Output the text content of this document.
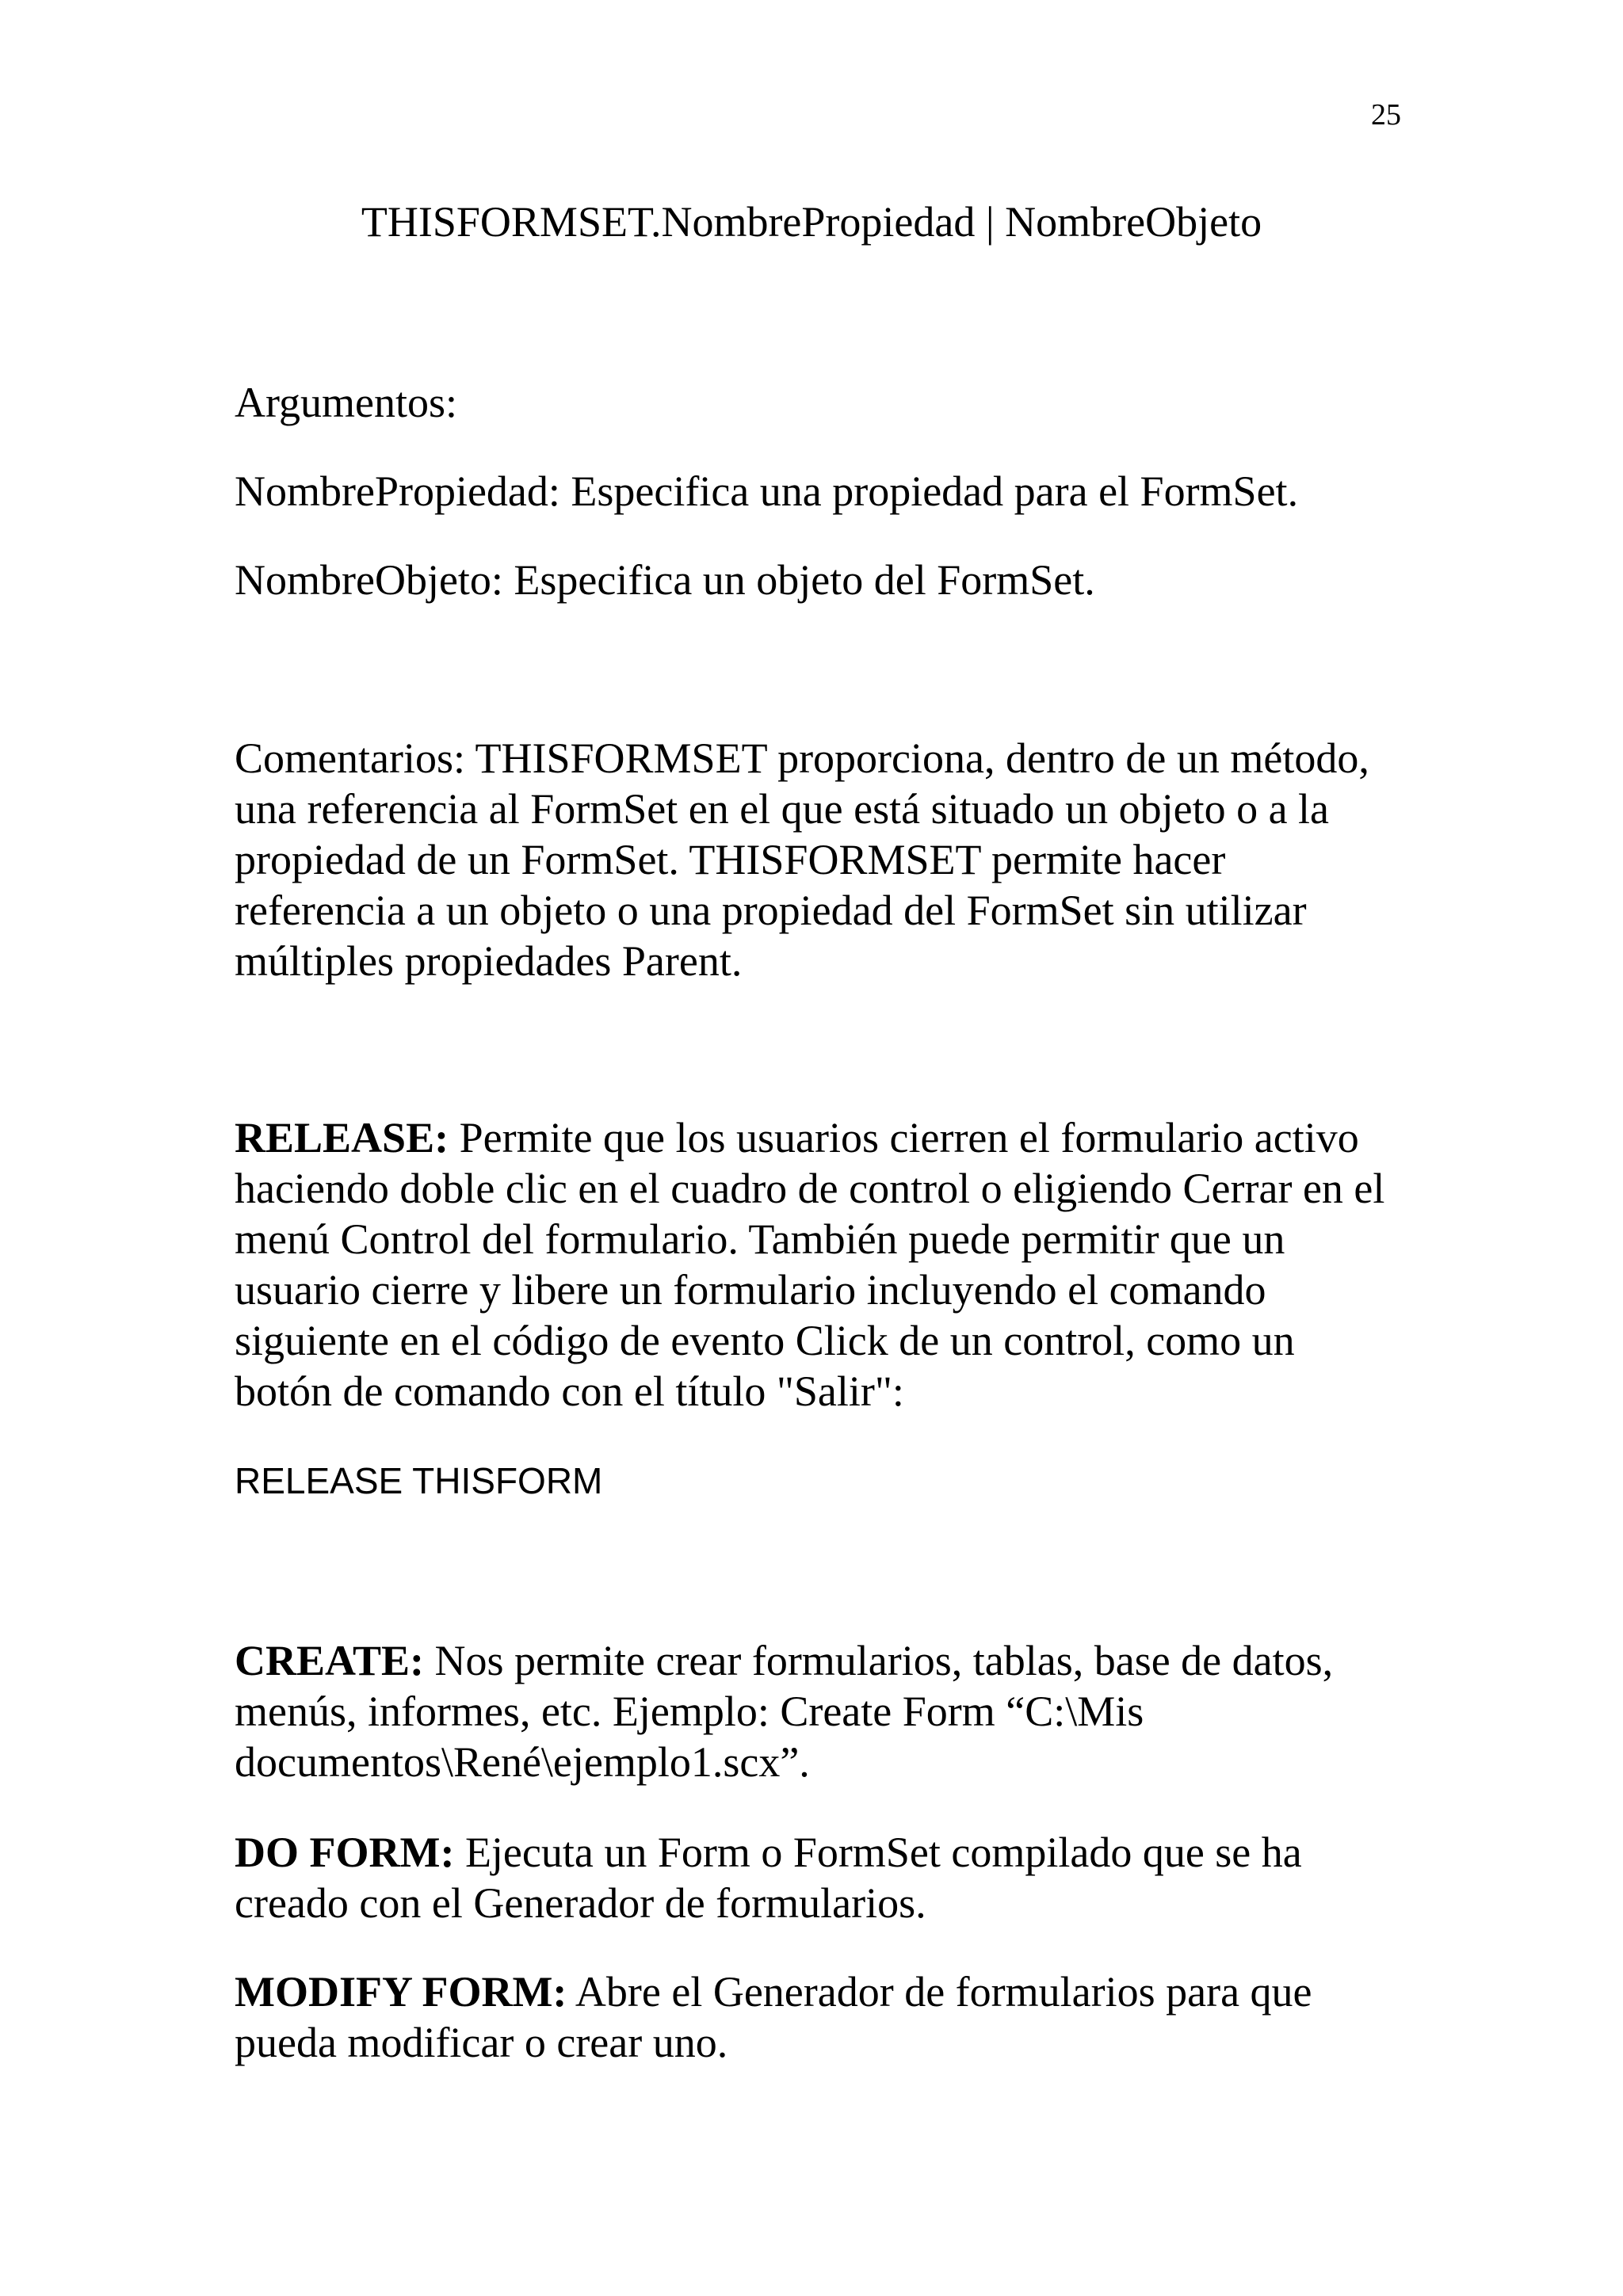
25
THISFORMSET.NombrePropiedad | NombreObjeto

Argumentos:

NombrePropiedad: Especifica una propiedad para el FormSet.

NombreObjeto: Especifica un objeto del FormSet.

Comentarios: THISFORMSET proporciona, dentro de un método, una referencia al FormSet en el que está situado un objeto o a la propiedad de un FormSet. THISFORMSET permite hacer referencia a un objeto o una propiedad del FormSet sin utilizar múltiples propiedades Parent.

RELEASE: Permite que los usuarios cierren el formulario activo haciendo doble clic en el cuadro de control o eligiendo Cerrar en el menú Control del formulario. También puede permitir que un usuario cierre y libere un formulario incluyendo el comando siguiente en el código de evento Click de un control, como un botón de comando con el título "Salir":

RELEASE THISFORM

CREATE: Nos permite crear formularios, tablas, base de datos, menús, informes, etc. Ejemplo: Create Form “C:\Mis documentos\René\ejemplo1.scx”.

DO FORM: Ejecuta un Form o FormSet compilado que se ha creado con el Generador de formularios.

MODIFY FORM: Abre el Generador de formularios para que pueda modificar o crear uno.
